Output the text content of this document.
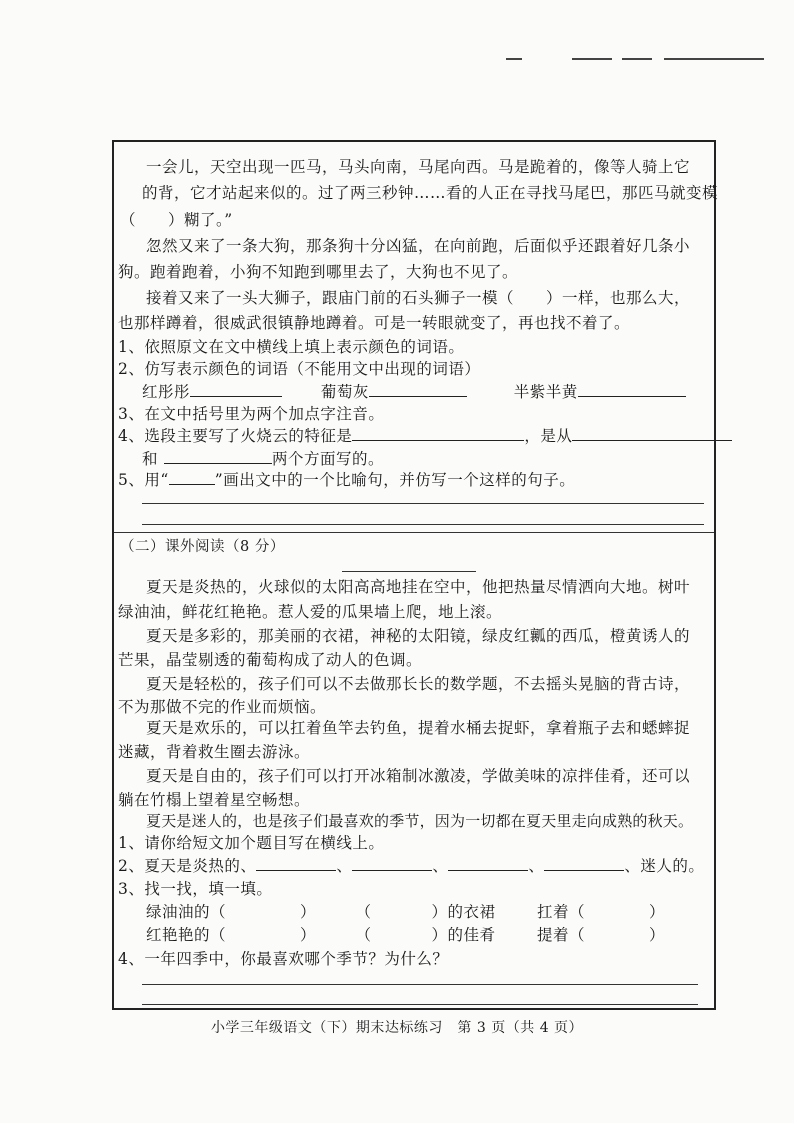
一会儿，天空出现一匹马，马头向南，马尾向西。马是跪着的，像等人骑上它
的背，它才站起来似的。过了两三秒钟……看的人正在寻找马尾巴，那匹马就变模
（　　）糊了。”
忽然又来了一条大狗，那条狗十分凶猛，在向前跑，后面似乎还跟着好几条小
狗。跑着跑着，小狗不知跑到哪里去了，大狗也不见了。
接着又来了一头大狮子，跟庙门前的石头狮子一模（　　）一样，也那么大，
也那样蹲着，很威武很镇静地蹲着。可是一转眼就变了，再也找不着了。
1、依照原文在文中横线上填上表示颜色的词语。
2、仿写表示颜色的词语（不能用文中出现的词语）
红彤彤	葡萄灰	半紫半黄
3、在文中括号里为两个加点字注音。
4、选段主要写了火烧云的特征是	，是从
和	两个方面写的。
5、用“	”画出文中的一个比喻句，并仿写一个这样的句子。
（二）课外阅读（8 分）
夏天是炎热的，火球似的太阳高高地挂在空中，他把热量尽情洒向大地。树叶
绿油油，鲜花红艳艳。惹人爱的瓜果墙上爬，地上滚。
夏天是多彩的，那美丽的衣裙，神秘的太阳镜，绿皮红瓤的西瓜，橙黄诱人的
芒果，晶莹剔透的葡萄构成了动人的色调。
夏天是轻松的，孩子们可以不去做那长长的数学题，不去摇头晃脑的背古诗，
不为那做不完的作业而烦恼。
夏天是欢乐的，可以扛着鱼竿去钓鱼，提着水桶去捉虾，拿着瓶子去和蟋蟀捉
迷藏，背着救生圈去游泳。
夏天是自由的，孩子们可以打开冰箱制冰激凌，学做美味的凉拌佳肴，还可以
躺在竹榻上望着星空畅想。
夏天是迷人的，也是孩子们最喜欢的季节，因为一切都在夏天里走向成熟的秋天。
1、请你给短文加个题目写在横线上。
2、夏天是炎热的、	、	、	、	、迷人的。
3、找一找，填一填。
绿油油的（	）	（	）的衣裙	扛着（	）
红艳艳的（	）	（	）的佳肴	提着（	）
4、一年四季中，你最喜欢哪个季节？为什么？
小学三年级语文（下）期末达标练习　第 3 页（共 4 页）
